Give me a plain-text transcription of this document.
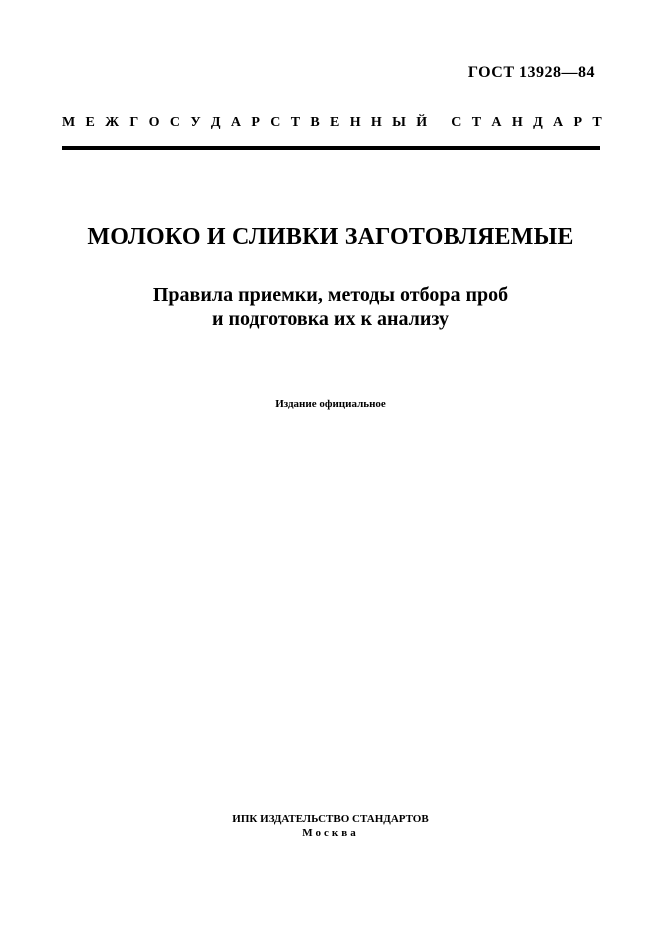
ГОСТ 13928—84
М Е Ж Г О С У Д А Р С Т В Е Н Н Ы Й
С Т А Н Д А Р Т
МОЛОКО И СЛИВКИ ЗАГОТОВЛЯЕМЫЕ
Правила приемки, методы отбора проб
и подготовка их к анализу
Издание официальное
ИПК ИЗДАТЕЛЬСТВО СТАНДАРТОВ
Москва
